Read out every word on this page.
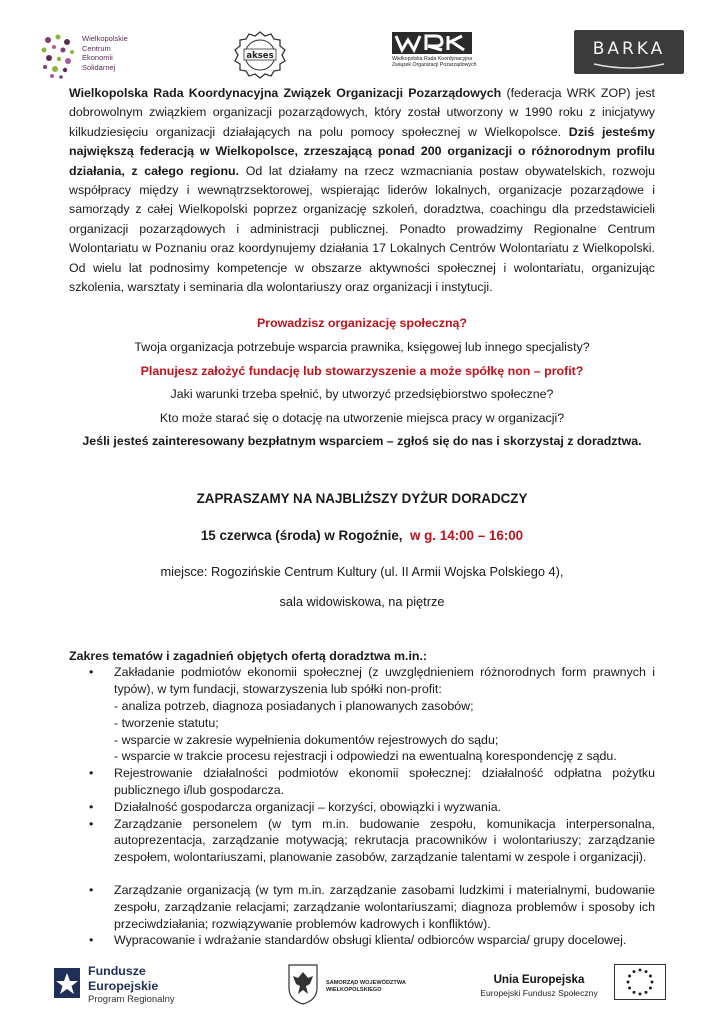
Wielkopolskie
Centrum
Ekonomii
Solidarnej
akses	Wielkopolska Rada Koordynacyjna
Związek Organizacji Pozarządowych
BARKA

Wielkopolska Rada Koordynacyjna Związek Organizacji Pozarządowych (federacja WRK ZOP) jest dobrowolnym związkiem organizacji pozarządowych, który został utworzony w 1990 roku z inicjatywy kilkudziesięciu organizacji działających na polu pomocy społecznej w Wielkopolsce. Dziś jesteśmy największą federacją w Wielkopolsce, zrzeszającą ponad 200 organizacji o różnorodnym profilu działania, z całego regionu. Od lat działamy na rzecz wzmacniania postaw obywatelskich, rozwoju współpracy między i wewnątrzsektorowej, wspierając liderów lokalnych, organizacje pozarządowe i samorządy z całej Wielkopolski poprzez organizację szkoleń, doradztwa, coachingu dla przedstawicieli organizacji pozarządowych i administracji publicznej. Ponadto prowadzimy Regionalne Centrum Wolontariatu w Poznaniu oraz koordynujemy działania 17 Lokalnych Centrów Wolontariatu z Wielkopolski. Od wielu lat podnosimy kompetencje w obszarze aktywności społecznej i wolontariatu, organizując szkolenia, warsztaty i seminaria dla wolontariuszy oraz organizacji i instytucji.

Prowadzisz organizację społeczną?

Twoja organizacja potrzebuje wsparcia prawnika, księgowej lub innego specjalisty?

Planujesz założyć fundację lub stowarzyszenie a może spółkę non – profit?

Jaki warunki trzeba spełnić, by utworzyć przedsiębiorstwo społeczne?

Kto może starać się o dotację na utworzenie miejsca pracy w organizacji?

Jeśli jesteś zainteresowany bezpłatnym wsparciem – zgłoś się do nas i skorzystaj z doradztwa.

ZAPRASZAMY NA NAJBLIŻSZY DYŻUR DORADCZY

15 czerwca (środa) w Rogoźnie, w g. 14:00 – 16:00

miejsce: Rogozińskie Centrum Kultury (ul. II Armii Wojska Polskiego 4),

sala widowiskowa, na piętrze

Zakres tematów i zagadnień objętych ofertą doradztwa m.in.:

• Zakładanie podmiotów ekonomii społecznej (z uwzględnieniem różnorodnych form prawnych i typów), w tym fundacji, stowarzyszenia lub spółki non-profit:
- analiza potrzeb, diagnoza posiadanych i planowanych zasobów;
- tworzenie statutu;
- wsparcie w zakresie wypełnienia dokumentów rejestrowych do sądu;
- wsparcie w trakcie procesu rejestracji i odpowiedzi na ewentualną korespondencję z sądu.
• Rejestrowanie działalności podmiotów ekonomii społecznej: działalność odpłatna pożytku publicznego i/lub gospodarcza.
• Działalność gospodarcza organizacji – korzyści, obowiązki i wyzwania.
• Zarządzanie personelem (w tym m.in. budowanie zespołu, komunikacja interpersonalna, autoprezentacja, zarządzanie motywacją; rekrutacja pracowników i wolontariuszy; zarządzanie zespołem, wolontariuszami, planowanie zasobów, zarządzanie talentami w zespole i organizacji).
• Zarządzanie organizacją (w tym m.in. zarządzanie zasobami ludzkimi i materialnymi, budowanie zespołu, zarządzanie relacjami; zarządzanie wolontariuszami; diagnoza problemów i sposoby ich przeciwdziałania; rozwiązywanie problemów kadrowych i konfliktów).
• Wypracowanie i wdrażanie standardów obsługi klienta/ odbiorców wsparcia/ grupy docelowej.
Fundusze
Europejskie
Program Regionalny
SAMORZĄD WOJEWÓDZTWA
WIELKOPOLSKIEGO
Unia Europejska
Europejski Fundusz Społeczny
